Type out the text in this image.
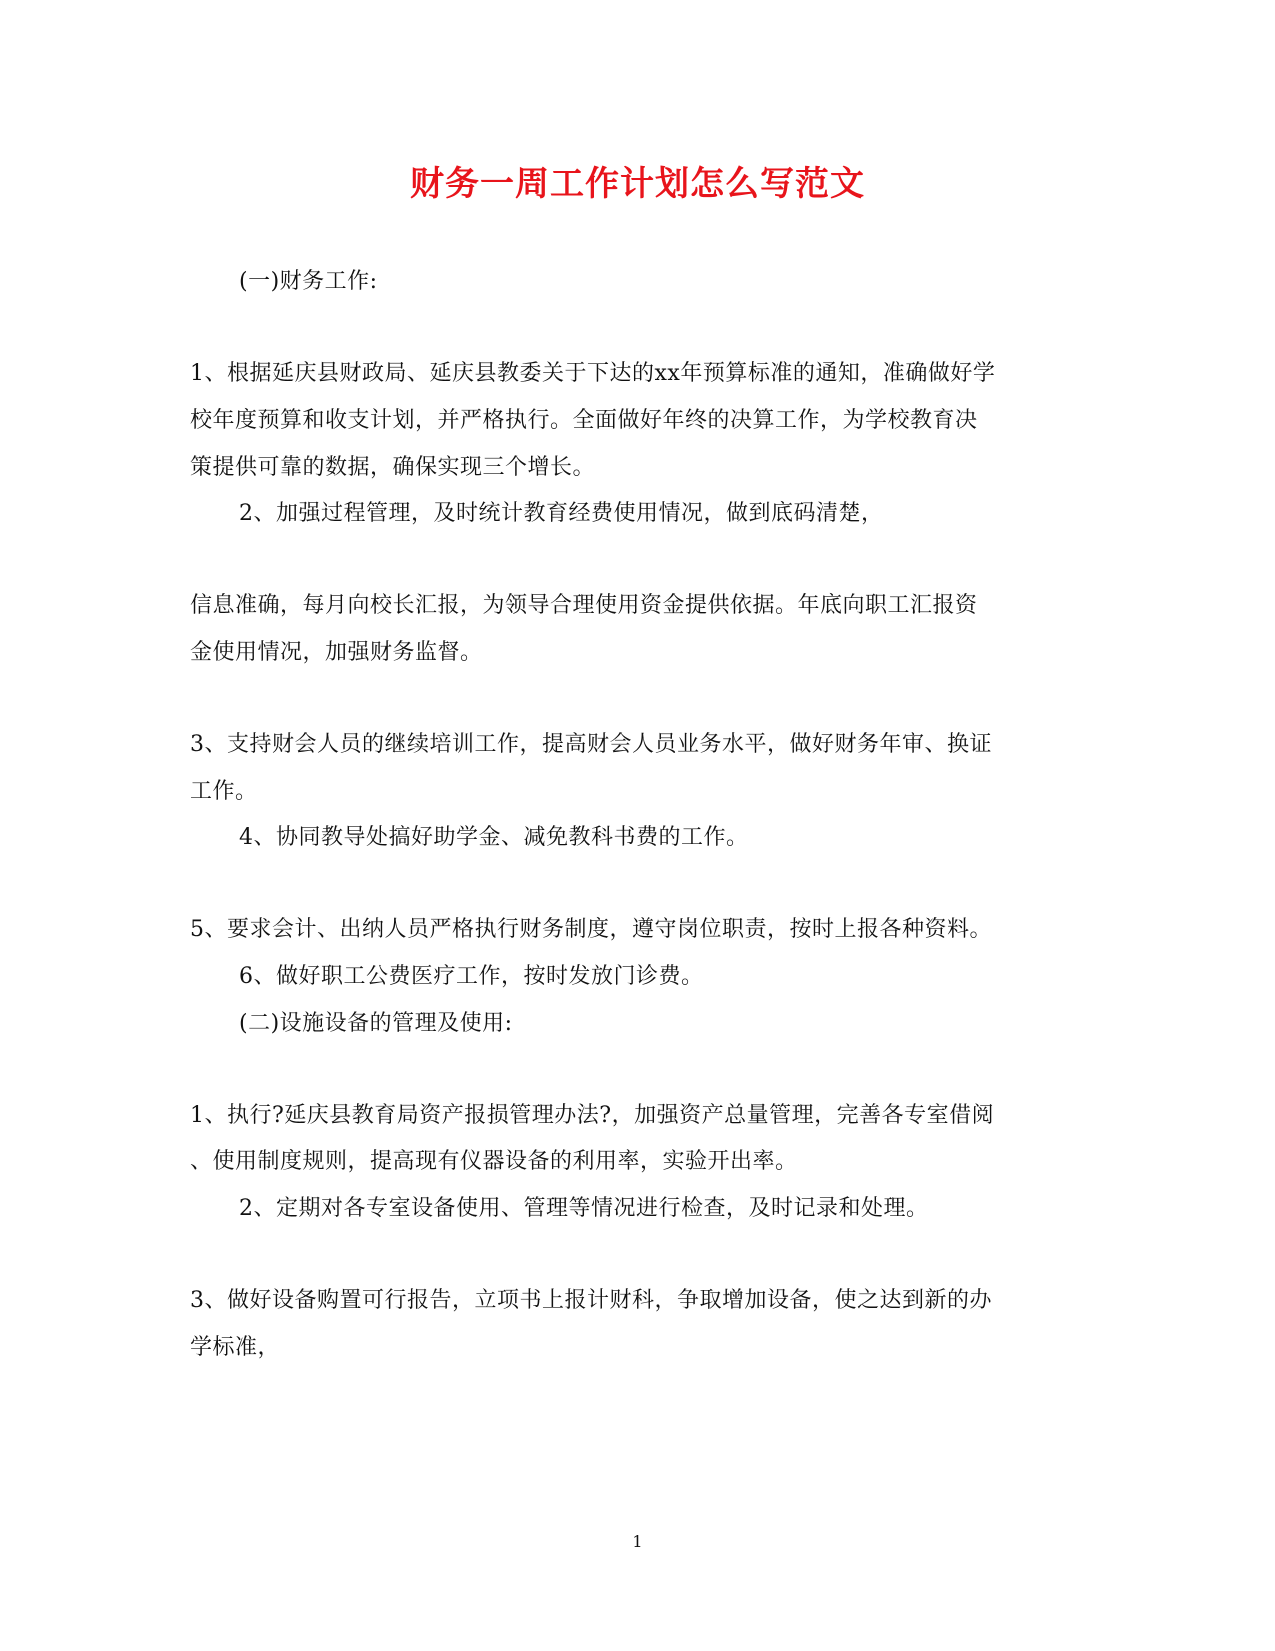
财务一周工作计划怎么写范文
(一)财务工作:
1、根据延庆县财政局、延庆县教委关于下达的xx年预算标准的通知，准确做好学
校年度预算和收支计划，并严格执行。全面做好年终的决算工作，为学校教育决
策提供可靠的数据，确保实现三个增长。
2、加强过程管理，及时统计教育经费使用情况，做到底码清楚，
信息准确，每月向校长汇报，为领导合理使用资金提供依据。年底向职工汇报资
金使用情况，加强财务监督。
3、支持财会人员的继续培训工作，提高财会人员业务水平，做好财务年审、换证
工作。
4、协同教导处搞好助学金、减免教科书费的工作。
5、要求会计、出纳人员严格执行财务制度，遵守岗位职责，按时上报各种资料。
6、做好职工公费医疗工作，按时发放门诊费。
(二)设施设备的管理及使用:
1、执行?延庆县教育局资产报损管理办法?，加强资产总量管理，完善各专室借阅
、使用制度规则，提高现有仪器设备的利用率，实验开出率。
2、定期对各专室设备使用、管理等情况进行检查，及时记录和处理。
3、做好设备购置可行报告，立项书上报计财科，争取增加设备，使之达到新的办
学标准，
1
